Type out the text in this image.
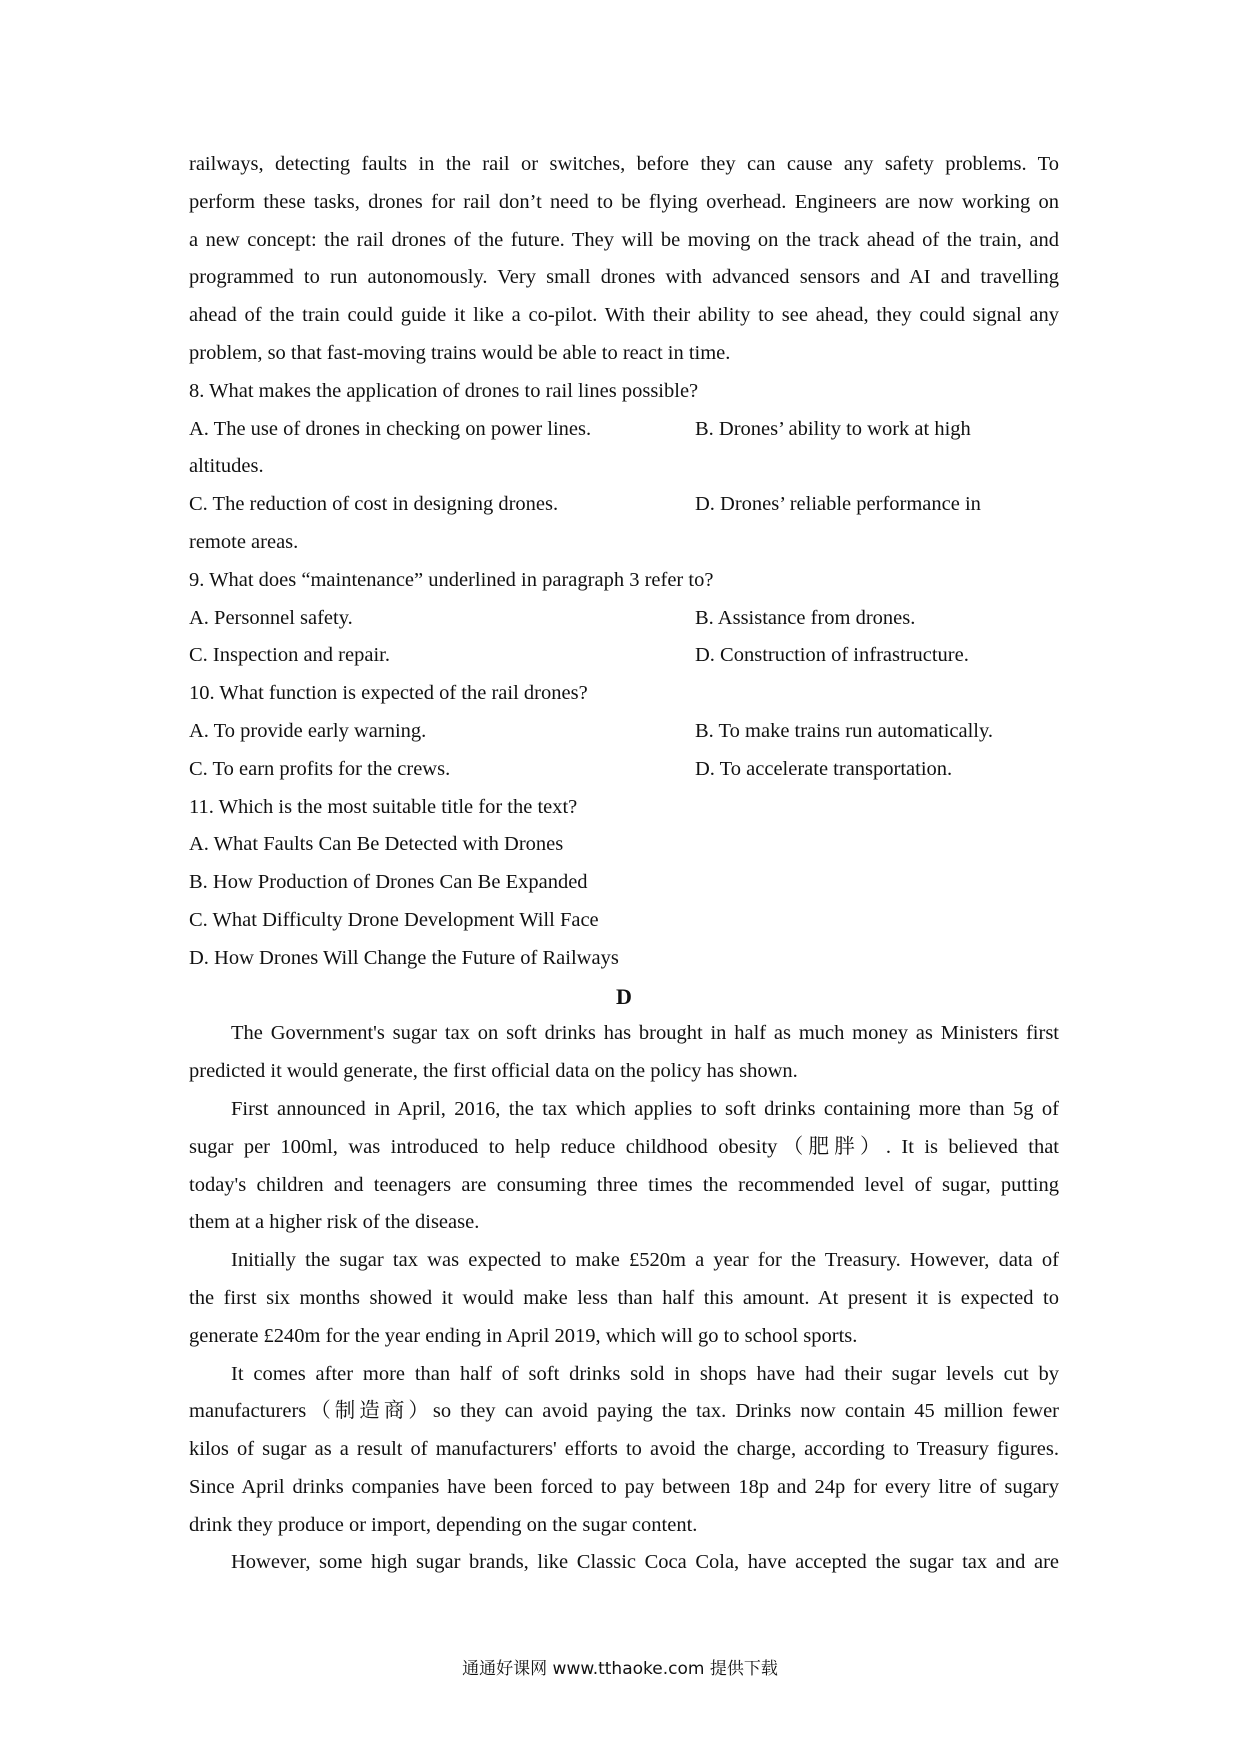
railways, detecting faults in the rail or switches, before they can cause any safety problems. To
perform these tasks, drones for rail don’t need to be flying overhead. Engineers are now working on
a new concept: the rail drones of the future. They will be moving on the track ahead of the train, and
programmed to run autonomously. Very small drones with advanced sensors and AI and travelling
ahead of the train could guide it like a co-pilot. With their ability to see ahead, they could signal any
problem, so that fast-moving trains would be able to react in time.
8. What makes the application of drones to rail lines possible?
A. The use of drones in checking on power lines.	B. Drones’ ability to work at high
altitudes.
C. The reduction of cost in designing drones.	D. Drones’ reliable performance in
remote areas.
9. What does “maintenance” underlined in paragraph 3 refer to?
A. Personnel safety.	B. Assistance from drones.
C. Inspection and repair.	D. Construction of infrastructure.
10. What function is expected of the rail drones?
A. To provide early warning.	B. To make trains run automatically.
C. To earn profits for the crews.	D. To accelerate transportation.
11. Which is the most suitable title for the text?
A. What Faults Can Be Detected with Drones
B. How Production of Drones Can Be Expanded
C. What Difficulty Drone Development Will Face
D. How Drones Will Change the Future of Railways
D
The Government's sugar tax on soft drinks has brought in half as much money as Ministers first
predicted it would generate, the first official data on the policy has shown.
First announced in April, 2016, the tax which applies to soft drinks containing more than 5g of
sugar per 100ml, was introduced to help reduce childhood obesity（肥胖）. It is believed that
today's children and teenagers are consuming three times the recommended level of sugar, putting
them at a higher risk of the disease.
Initially the sugar tax was expected to make £520m a year for the Treasury. However, data of
the first six months showed it would make less than half this amount. At present it is expected to
generate £240m for the year ending in April 2019, which will go to school sports.
It comes after more than half of soft drinks sold in shops have had their sugar levels cut by
manufacturers（制造商）so they can avoid paying the tax. Drinks now contain 45 million fewer
kilos of sugar as a result of manufacturers' efforts to avoid the charge, according to Treasury figures.
Since April drinks companies have been forced to pay between 18p and 24p for every litre of sugary
drink they produce or import, depending on the sugar content.
However, some high sugar brands, like Classic Coca Cola, have accepted the sugar tax and are
通通好课网 www.tthaoke.com 提供下载
